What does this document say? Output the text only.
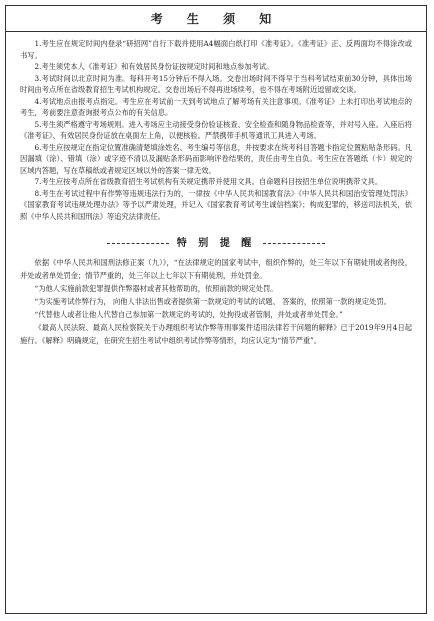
考 生 须 知

1.考生应在规定时间内登录“研招网”自行下载并使用A4幅面白纸打印《准考证》。《准考证》正、反两面均不得涂改或书写。

2.考生须凭本人《准考证》和有效居民身份证按规定时间和地点参加考试。

3.考试时间以北京时间为准。每科开考15分钟后不得入场。交卷出场时间不得早于当科考试结束前30分钟，具体出场时间由考点所在省级教育招生考试机构规定。交卷出场后不得再进场续考，也不得在考场附近逗留或交谈。

4.考试地点由报考点指定。考生应在考试前一天到考试地点了解考场有关注意事项。《准考证》上未打印出考试地点的考生，考前要注意查询报考点公布的有关信息。

5.考生须严格遵守考场规则。进入考场应主动接受身份验证核查、安全检查和随身物品检查等，并对号入座。入座后将《准考证》、有效居民身份证放在桌面左上角，以便核验。严禁携带手机等通讯工具进入考场。

6.考生应按规定在指定位置准确清楚填涂姓名、考生编号等信息，并按要求在统考科目答题卡指定位置粘贴条形码。凡因漏填（涂）、错填（涂）或字迹不清以及漏贴条形码而影响评卷结果的，责任由考生自负。考生应在答题纸（卡）规定的区域内答题，写在草稿纸或者规定区域以外的答案一律无效。

7.考生应按考点所在省级教育招生考试机构有关规定携带并使用文具。自命题科目按招生单位说明携带文具。

8.考生在考试过程中有作弊等违规违法行为的，一律按《中华人民共和国教育法》《中华人民共和国治安管理处罚法》《国家教育考试违规处理办法》等予以严肃处理，并记入《国家教育考试考生诚信档案》；构成犯罪的，移送司法机关，依照《中华人民共和国刑法》等追究法律责任。

特 别 提 醒

依据《中华人民共和国刑法修正案（九）》，“在法律规定的国家考试中，组织作弊的，处三年以下有期徒刑或者拘役，并处或者单处罚金；情节严重的，处三年以上七年以下有期徒刑，并处罚金。

“为他人实施前款犯罪提供作弊器材或者其他帮助的，依照前款的规定处罚。

“为实施考试作弊行为， 向他人非法出售或者提供第一款规定的考试的试题、 答案的，依照第一款的规定处罚。

“代替他人或者让他人代替自己参加第一款规定的考试的，处拘役或者管制，并处或者单处罚金。”

《最高人民法院、最高人民检察院关于办理组织考试作弊等刑事案件适用法律若干问题的解释》已于2019年9月4日起施行。《解释》明确规定，在研究生招生考试中组织考试作弊等情形，均应认定为“情节严重”。
